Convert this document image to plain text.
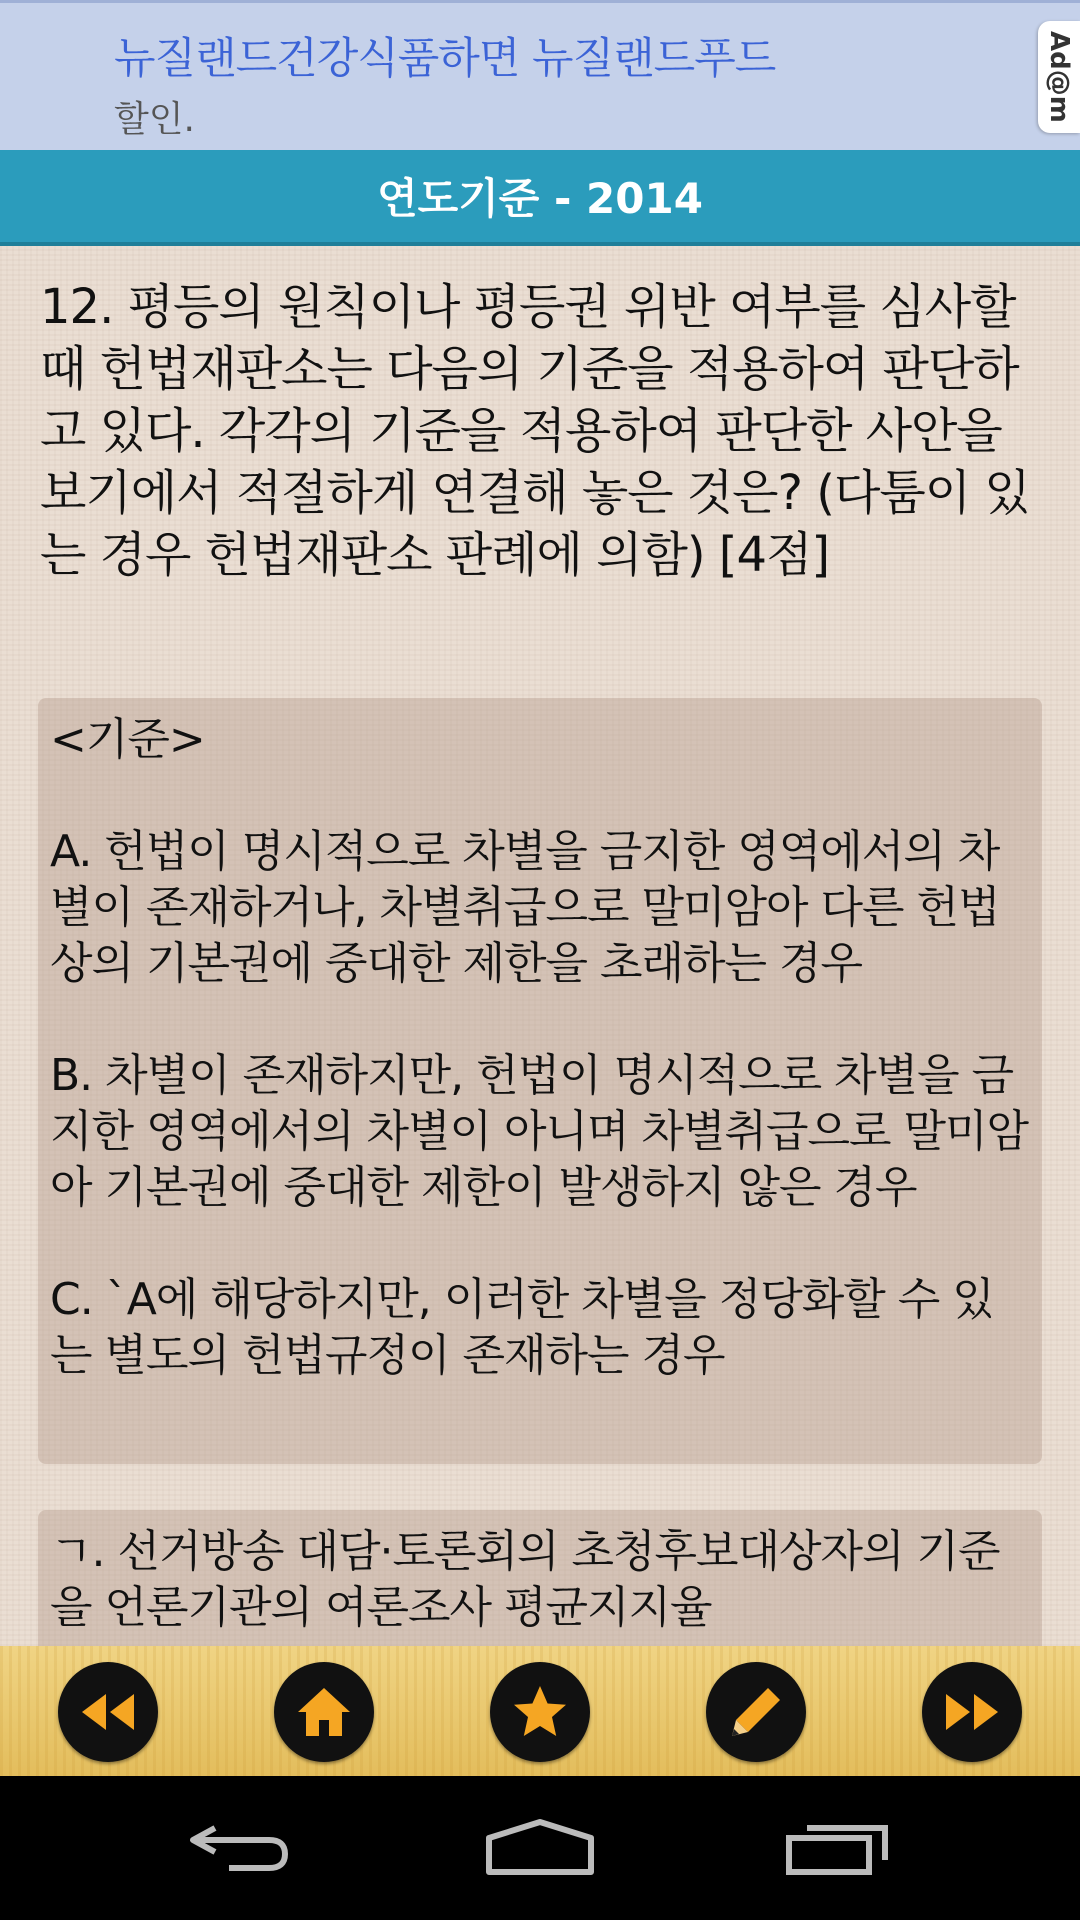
뉴질랜드건강식품하면 뉴질랜드푸드
할인.	Ad@m
연도기준 - 2014

12. 평등의 원칙이나 평등권 위반 여부를 심사할 때 헌법재판소는 다음의 기준을 적용하여 판단하고 있다. 각각의 기준을 적용하여 판단한 사안을 보기에서 적절하게 연결해 놓은 것은? (다툼이 있는 경우 헌법재판소 판례에 의함) [4점]

<기준>

A. 헌법이 명시적으로 차별을 금지한 영역에서의 차별이 존재하거나, 차별취급으로 말미암아 다른 헌법상의 기본권에 중대한 제한을 초래하는 경우

B. 차별이 존재하지만, 헌법이 명시적으로 차별을 금지한 영역에서의 차별이 아니며 차별취급으로 말미암아 기본권에 중대한 제한이 발생하지 않은 경우

C. `A에 해당하지만, 이러한 차별을 정당화할 수 있는 별도의 헌법규정이 존재하는 경우

ㄱ. 선거방송 대담·토론회의 초청후보대상자의 기준을 언론기관의 여론조사 평균지지율
